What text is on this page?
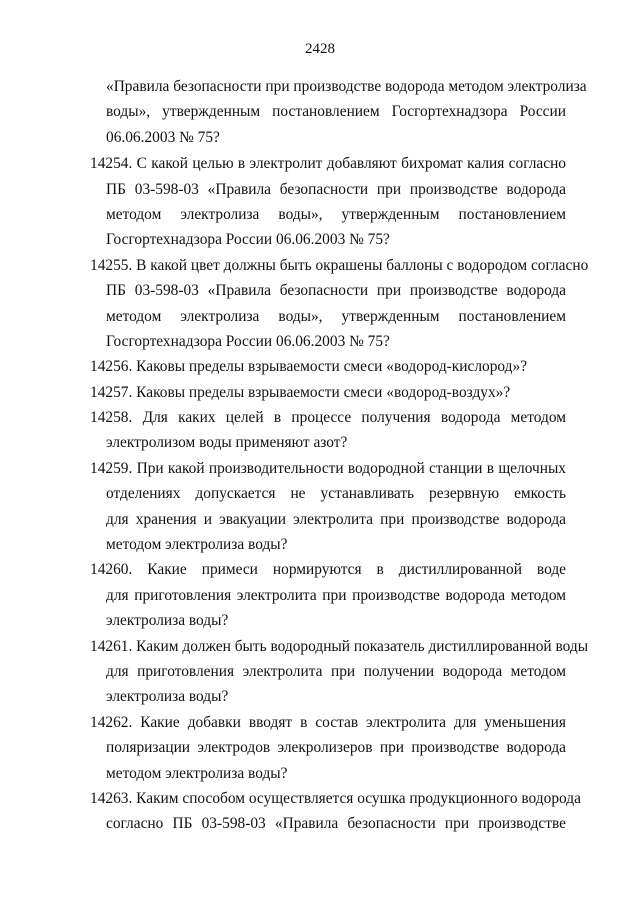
2428
«Правила безопасности при производстве водорода методом электролиза
воды», утвержденным постановлением Госгортехнадзора России
06.06.2003 № 75?
14254. С какой целью в электролит добавляют бихромат калия согласно
ПБ 03-598-03 «Правила безопасности при производстве водорода
методом электролиза воды», утвержденным постановлением
Госгортехнадзора России 06.06.2003 № 75?
14255. В какой цвет должны быть окрашены баллоны с водородом согласно
ПБ 03-598-03 «Правила безопасности при производстве водорода
методом электролиза воды», утвержденным постановлением
Госгортехнадзора России 06.06.2003 № 75?
14256. Каковы пределы взрываемости смеси «водород-кислород»?
14257. Каковы пределы взрываемости смеси «водород-воздух»?
14258. Для каких целей в процессе получения водорода методом
электролизом воды применяют азот?
14259. При какой производительности водородной станции в щелочных
отделениях допускается не устанавливать резервную емкость
для хранения и эвакуации электролита при производстве водорода
методом электролиза воды?
14260. Какие примеси нормируются в дистиллированной воде
для приготовления электролита при производстве водорода методом
электролиза воды?
14261. Каким должен быть водородный показатель дистиллированной воды
для приготовления электролита при получении водорода методом
электролиза воды?
14262. Какие добавки вводят в состав электролита для уменьшения
поляризации электродов элекролизеров при производстве водорода
методом электролиза воды?
14263. Каким способом осуществляется осушка продукционного водорода
согласно ПБ 03-598-03 «Правила безопасности при производстве
